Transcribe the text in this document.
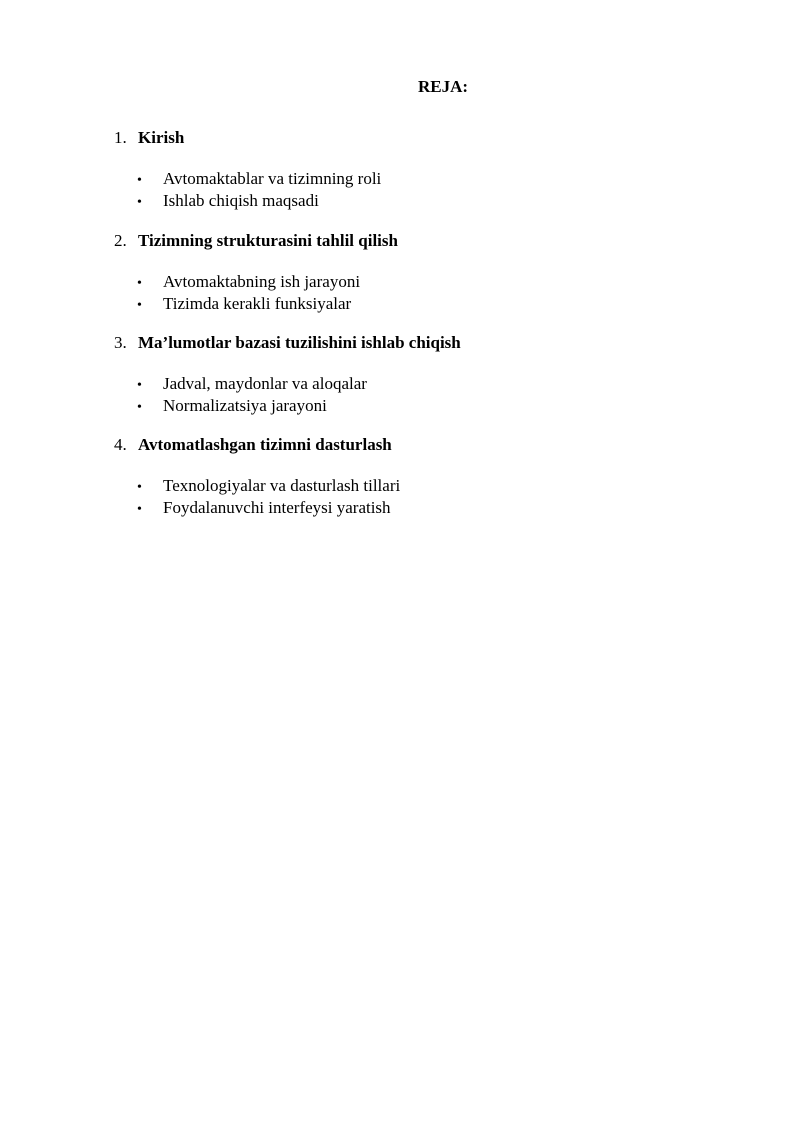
REJA:
1. Kirish
• Avtomaktablar va tizimning roli
• Ishlab chiqish maqsadi
2. Tizimning strukturasini tahlil qilish
• Avtomaktabning ish jarayoni
• Tizimda kerakli funksiyalar
3. Ma’lumotlar bazasi tuzilishini ishlab chiqish
• Jadval, maydonlar va aloqalar
• Normalizatsiya jarayoni
4. Avtomatlashgan tizimni dasturlash
• Texnologiyalar va dasturlash tillari
• Foydalanuvchi interfeysi yaratish
